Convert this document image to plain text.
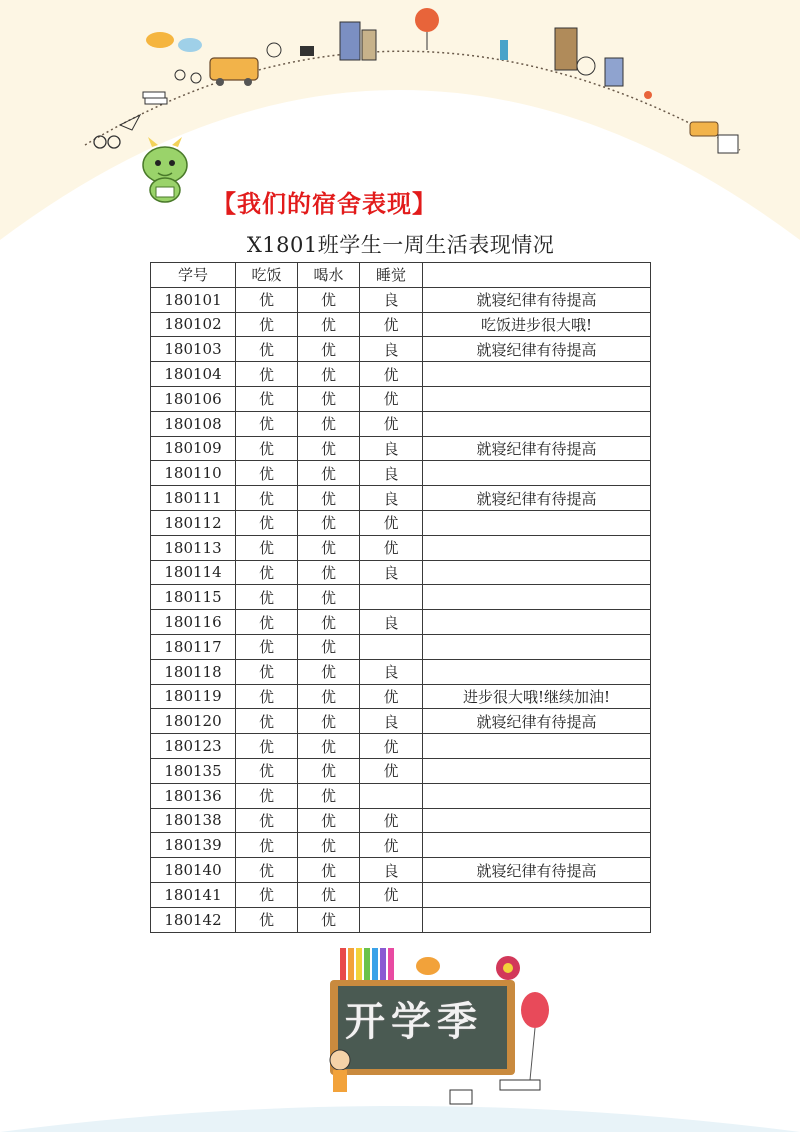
【我们的宿舍表现】
X1801班学生一周生活表现情况				
学号	吃饭	喝水	睡觉	
180101	优	优	良	就寝纪律有待提高
180102	优	优	优	吃饭进步很大哦!
180103	优	优	良	就寝纪律有待提高
180104	优	优	优	
180106	优	优	优	
180108	优	优	优	
180109	优	优	良	就寝纪律有待提高
180110	优	优	良	
180111	优	优	良	就寝纪律有待提高
180112	优	优	优	
180113	优	优	优	
180114	优	优	良	
180115	优	优		
180116	优	优	良	
180117	优	优		
180118	优	优	良	
180119	优	优	优	进步很大哦!继续加油!
180120	优	优	良	就寝纪律有待提高
180123	优	优	优	
180135	优	优	优	
180136	优	优		
180138	优	优	优	
180139	优	优	优	
180140	优	优	良	就寝纪律有待提高
180141	优	优	优	
180142	优	优		
开学季
